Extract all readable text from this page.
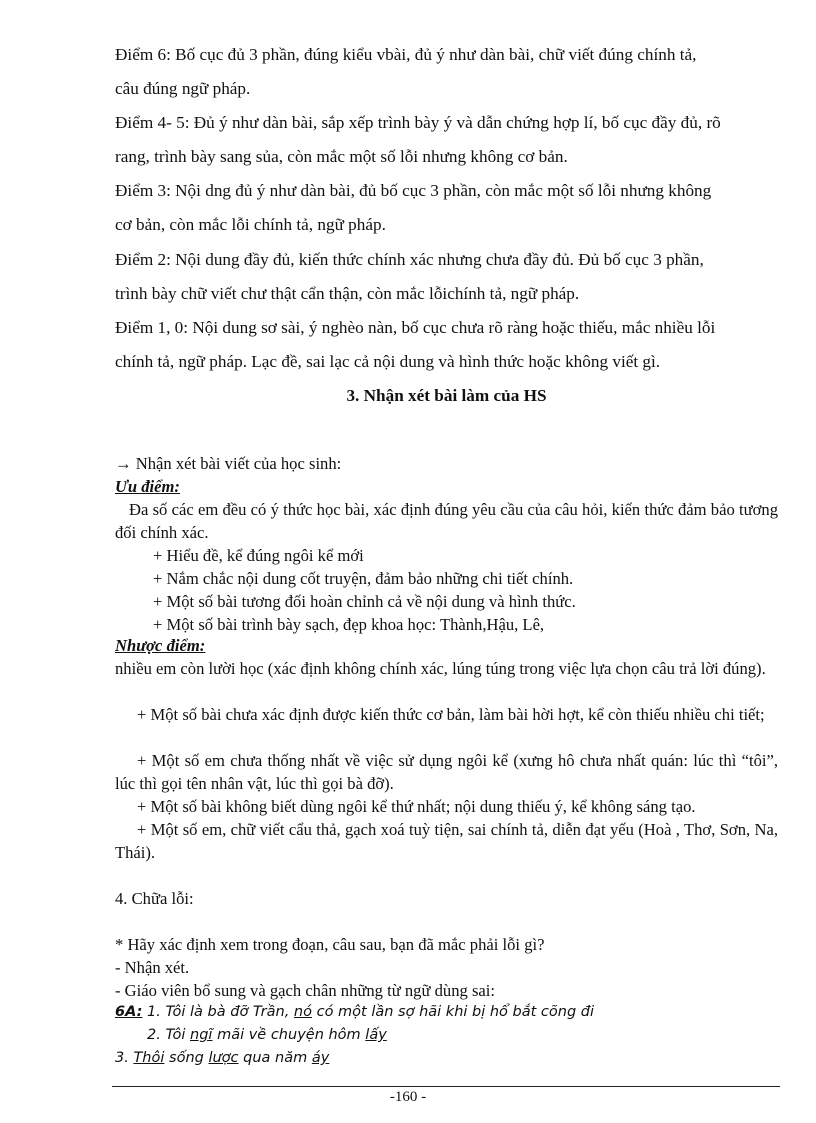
Điểm 6: Bố cục đủ 3 phần, đúng kiểu vbài, đủ ý như dàn bài, chữ viết đúng chính tả,

câu đúng ngữ pháp.

Điểm 4- 5: Đủ ý như dàn bài, sắp xếp trình bày ý và dẫn chứng hợp lí, bố cục đầy đủ, rõ

rang, trình bày sang sủa, còn mắc một số lỗi nhưng không cơ bản.

Điểm 3: Nội dng đủ ý như dàn bài, đủ bố cục 3 phần, còn mắc một số lỗi nhưng không

cơ bản, còn mắc lỗi chính tả, ngữ pháp.

Điểm 2: Nội dung đầy đủ, kiến thức chính xác nhưng chưa đầy đủ. Đủ bố cục 3 phần,

trình bày chữ viết chư thật cẩn thận, còn mắc lỗichính tả, ngữ pháp.

Điểm 1, 0: Nội dung sơ sài, ý nghèo nàn, bố cục chưa rõ ràng hoặc thiếu, mắc nhiều lỗi

chính tả, ngữ pháp. Lạc đề, sai lạc cả nội dung và hình thức hoặc không viết gì.

3. Nhận xét bài làm của HS

→ Nhận xét bài viết của học sinh:

Ưu điểm:

Đa số các em đều có ý thức học bài, xác định đúng yêu cầu của câu hỏi, kiến thức đảm bảo tương đối chính xác.

+ Hiểu đề, kể đúng ngôi kể mới

+ Nắm chắc nội dung cốt truyện, đảm bảo những chi tiết chính.

+ Một số bài tương đối hoàn chỉnh cả về nội dung và hình thức.

+ Một số bài trình bày sạch, đẹp khoa học: Thành,Hậu, Lê,

Nhược điểm:

nhiều em còn lười học (xác định không chính xác, lúng túng trong việc lựa chọn câu trả lời đúng).

+ Một số bài chưa xác định được kiến thức cơ bản, làm bài hời hợt, kể còn thiếu nhiều chi tiết;

+ Một số em chưa thống nhất về việc sử dụng ngôi kể (xưng hô chưa nhất quán: lúc thì “tôi”, lúc thì gọi tên nhân vật, lúc thì gọi bà đỡ).

+ Một số bài không biết dùng ngôi kể thứ nhất; nội dung thiếu ý, kể không sáng tạo.

+ Một số em, chữ viết cẩu thả, gạch xoá tuỳ tiện, sai chính tả, diễn đạt yếu (Hoà , Thơ, Sơn, Na, Thái).

4. Chữa lỗi:

* Hãy xác định xem trong đoạn, câu sau, bạn đã mắc phải lỗi gì?

- Nhận xét.

- Giáo viên bổ sung và gạch chân những từ ngữ dùng sai:

6A: 1. Tôi là bà đỡ Trần, nó có một lần sợ hãi khi bị hổ bắt cõng đi

2. Tôi ngĩ mãi về chuyện hôm lấy

3. Thôi sống lược qua năm áy

-160 -
